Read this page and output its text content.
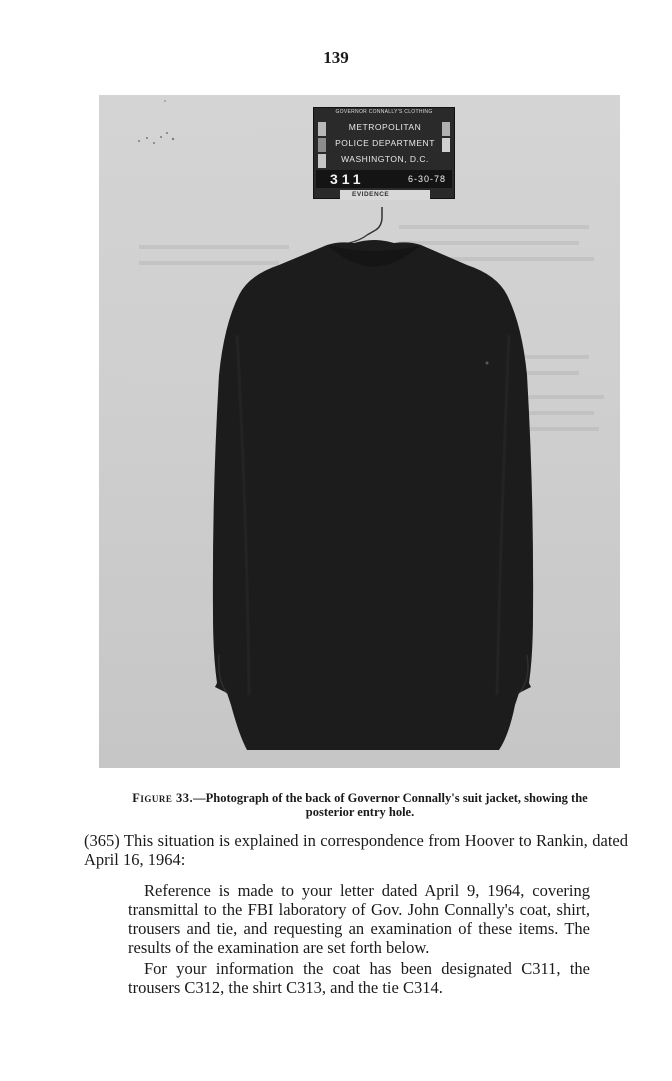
139
GOVERNOR CONNALLY'S CLOTHING
METROPOLITAN
POLICE DEPARTMENT
WASHINGTON, D.C.
311	6-30-78
EVIDENCE
Figure 33.—Photograph of the back of Governor Connally's suit jacket, showing the posterior entry hole.

(365) This situation is explained in correspondence from Hoover to Rankin, dated April 16, 1964:

Reference is made to your letter dated April 9, 1964, covering transmittal to the FBI laboratory of Gov. John Connally's coat, shirt, trousers and tie, and requesting an examination of these items. The results of the examination are set forth below.

For your information the coat has been designated C311, the trousers C312, the shirt C313, and the tie C314.
